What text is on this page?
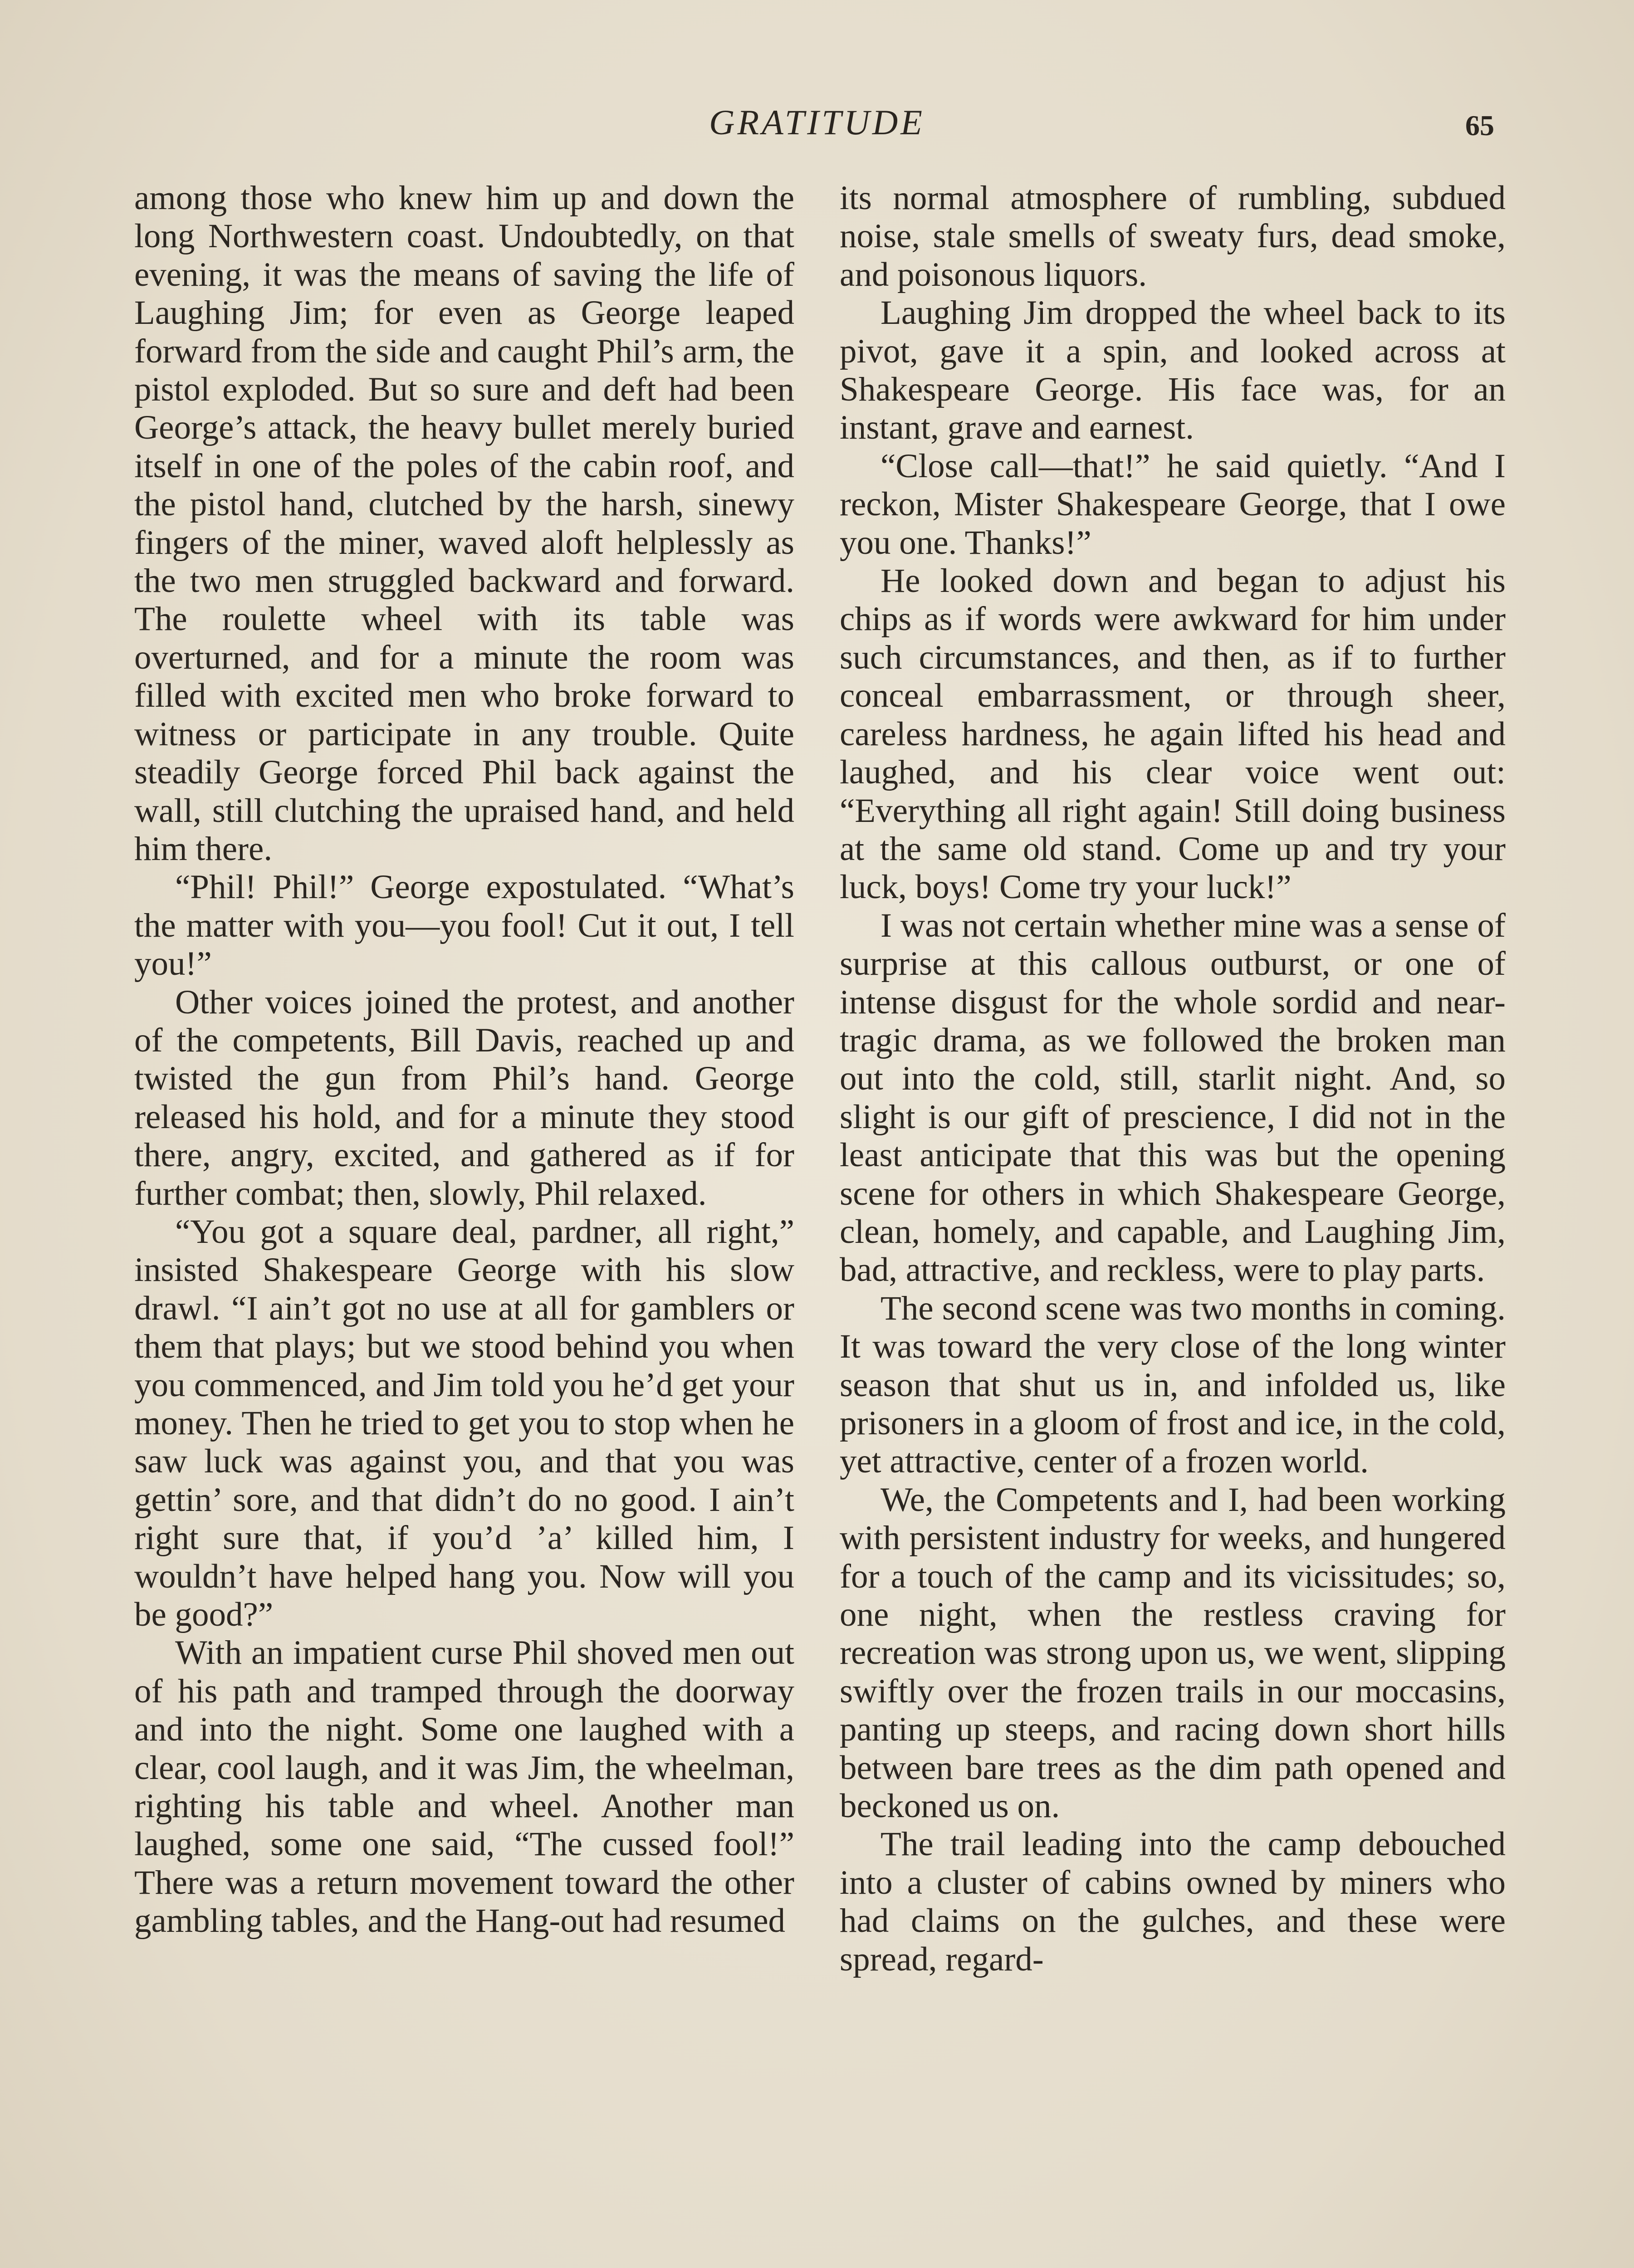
GRATITUDE	65

among those who knew him up and down the long Northwestern coast. Undoubtedly, on that evening, it was the means of saving the life of Laughing Jim; for even as George leaped forward from the side and caught Phil’s arm, the pistol exploded. But so sure and deft had been George’s attack, the heavy bullet merely buried itself in one of the poles of the cabin roof, and the pistol hand, clutched by the harsh, sinewy fingers of the miner, waved aloft helplessly as the two men struggled backward and forward. The roulette wheel with its table was overturned, and for a minute the room was filled with excited men who broke forward to witness or participate in any trouble. Quite steadily George forced Phil back against the wall, still clutching the upraised hand, and held him there.

“Phil! Phil!” George expostulated. “What’s the matter with you—you fool! Cut it out, I tell you!”

Other voices joined the protest, and another of the competents, Bill Davis, reached up and twisted the gun from Phil’s hand. George released his hold, and for a minute they stood there, angry, excited, and gathered as if for further combat; then, slowly, Phil relaxed.

“You got a square deal, pardner, all right,” insisted Shakespeare George with his slow drawl. “I ain’t got no use at all for gamblers or them that plays; but we stood behind you when you commenced, and Jim told you he’d get your money. Then he tried to get you to stop when he saw luck was against you, and that you was gettin’ sore, and that didn’t do no good. I ain’t right sure that, if you’d ’a’ killed him, I wouldn’t have helped hang you. Now will you be good?”

With an impatient curse Phil shoved men out of his path and tramped through the doorway and into the night. Some one laughed with a clear, cool laugh, and it was Jim, the wheelman, righting his table and wheel. Another man laughed, some one said, “The cussed fool!” There was a return movement toward the other gambling tables, and the Hang-out had resumed

its normal atmosphere of rumbling, subdued noise, stale smells of sweaty furs, dead smoke, and poisonous liquors.

Laughing Jim dropped the wheel back to its pivot, gave it a spin, and looked across at Shakespeare George. His face was, for an instant, grave and earnest.

“Close call—that!” he said quietly. “And I reckon, Mister Shakespeare George, that I owe you one. Thanks!”

He looked down and began to adjust his chips as if words were awkward for him under such circumstances, and then, as if to further conceal embarrassment, or through sheer, careless hardness, he again lifted his head and laughed, and his clear voice went out: “Everything all right again! Still doing business at the same old stand. Come up and try your luck, boys! Come try your luck!”

I was not certain whether mine was a sense of surprise at this callous outburst, or one of intense disgust for the whole sordid and near-tragic drama, as we followed the broken man out into the cold, still, starlit night. And, so slight is our gift of prescience, I did not in the least anticipate that this was but the opening scene for others in which Shakespeare George, clean, homely, and capable, and Laughing Jim, bad, attractive, and reckless, were to play parts.

The second scene was two months in coming. It was toward the very close of the long winter season that shut us in, and infolded us, like prisoners in a gloom of frost and ice, in the cold, yet attractive, center of a frozen world.

We, the Competents and I, had been working with persistent industry for weeks, and hungered for a touch of the camp and its vicissitudes; so, one night, when the restless craving for recreation was strong upon us, we went, slipping swiftly over the frozen trails in our moccasins, panting up steeps, and racing down short hills between bare trees as the dim path opened and beckoned us on.

The trail leading into the camp debouched into a cluster of cabins owned by miners who had claims on the gulches, and these were spread, regard-
